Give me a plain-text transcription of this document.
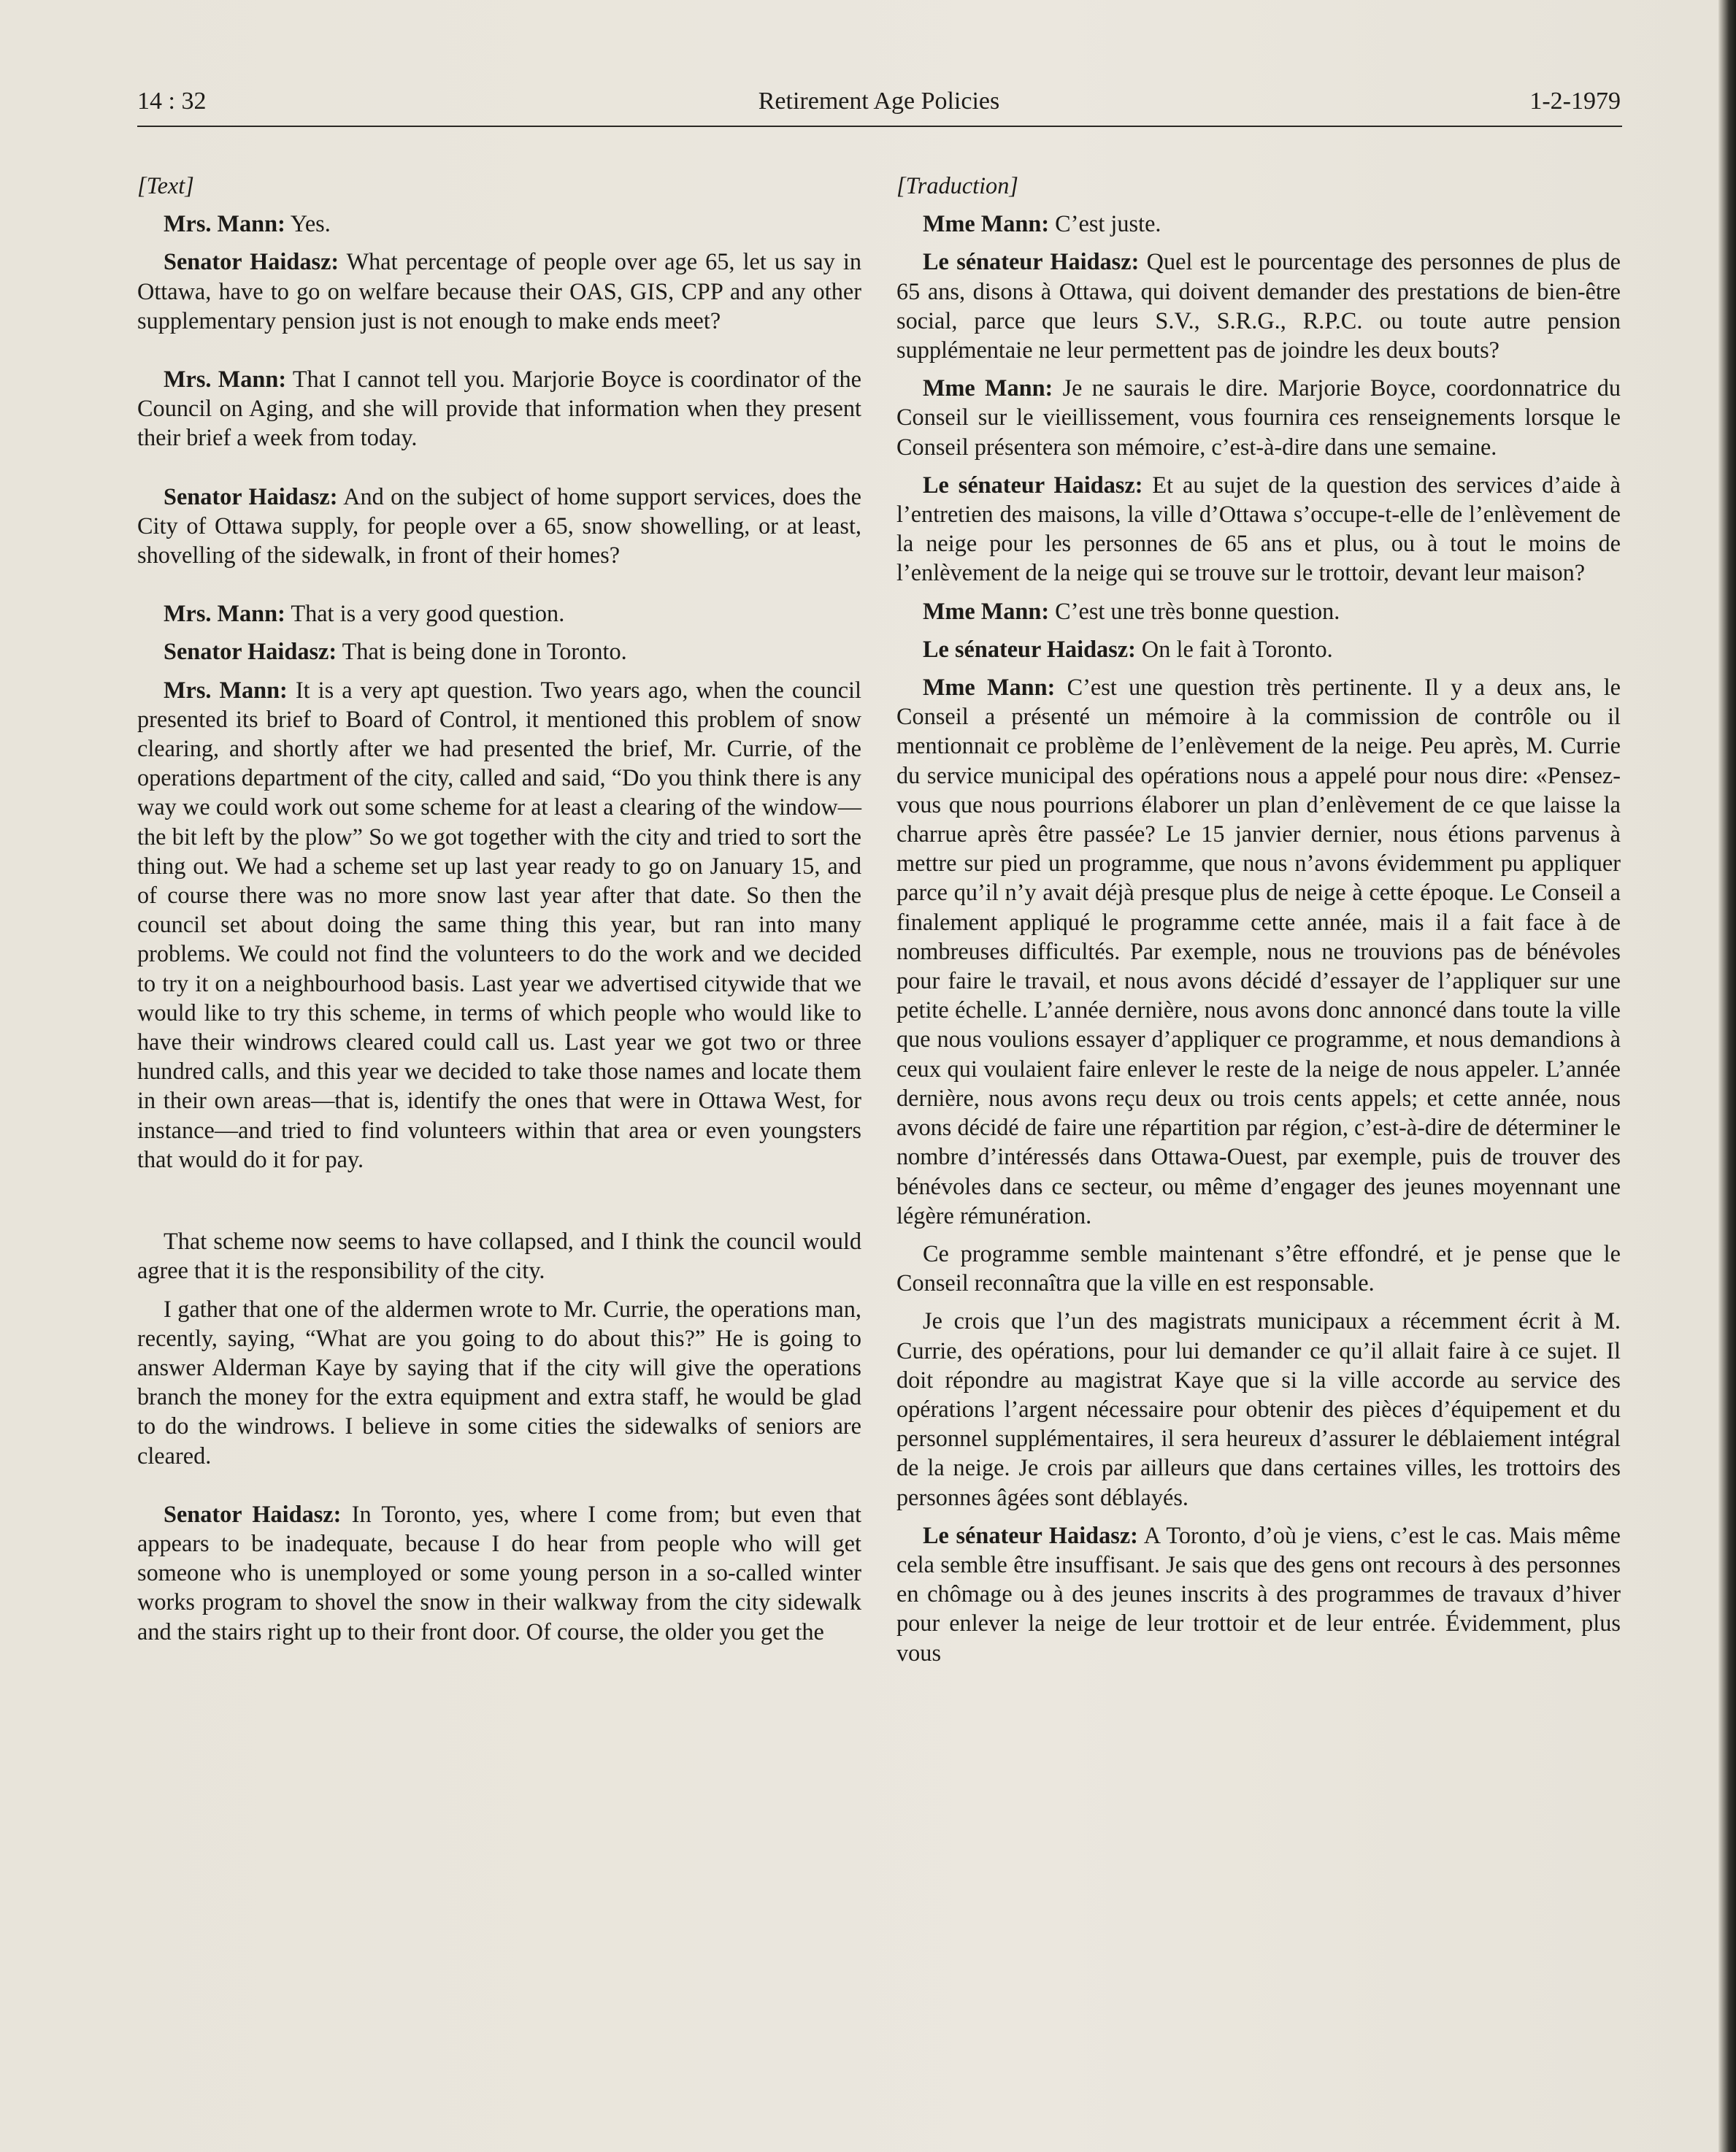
14 : 32	Retirement Age Policies	1-2-1979

[Text]

Mrs. Mann: Yes.

Senator Haidasz: What percentage of people over age 65, let us say in Ottawa, have to go on welfare because their OAS, GIS, CPP and any other supplementary pension just is not enough to make ends meet?

Mrs. Mann: That I cannot tell you. Marjorie Boyce is coordinator of the Council on Aging, and she will provide that information when they present their brief a week from today.

Senator Haidasz: And on the subject of home support services, does the City of Ottawa supply, for people over a 65, snow showelling, or at least, shovelling of the sidewalk, in front of their homes?

Mrs. Mann: That is a very good question.

Senator Haidasz: That is being done in Toronto.

Mrs. Mann: It is a very apt question. Two years ago, when the council presented its brief to Board of Control, it mentioned this problem of snow clearing, and shortly after we had presented the brief, Mr. Currie, of the operations department of the city, called and said, “Do you think there is any way we could work out some scheme for at least a clearing of the window—the bit left by the plow” So we got together with the city and tried to sort the thing out. We had a scheme set up last year ready to go on January 15, and of course there was no more snow last year after that date. So then the council set about doing the same thing this year, but ran into many problems. We could not find the volunteers to do the work and we decided to try it on a neighbourhood basis. Last year we advertised citywide that we would like to try this scheme, in terms of which people who would like to have their windrows cleared could call us. Last year we got two or three hundred calls, and this year we decided to take those names and locate them in their own areas—that is, identify the ones that were in Ottawa West, for instance—and tried to find volunteers within that area or even youngsters that would do it for pay.

That scheme now seems to have collapsed, and I think the council would agree that it is the responsibility of the city.

I gather that one of the aldermen wrote to Mr. Currie, the operations man, recently, saying, “What are you going to do about this?” He is going to answer Alderman Kaye by saying that if the city will give the operations branch the money for the extra equipment and extra staff, he would be glad to do the windrows. I believe in some cities the sidewalks of seniors are cleared.

Senator Haidasz: In Toronto, yes, where I come from; but even that appears to be inadequate, because I do hear from people who will get someone who is unemployed or some young person in a so-called winter works program to shovel the snow in their walkway from the city sidewalk and the stairs right up to their front door. Of course, the older you get the

[Traduction]

Mme Mann: C’est juste.

Le sénateur Haidasz: Quel est le pourcentage des personnes de plus de 65 ans, disons à Ottawa, qui doivent demander des prestations de bien-être social, parce que leurs S.V., S.R.G., R.P.C. ou toute autre pension supplémentaie ne leur permettent pas de joindre les deux bouts?

Mme Mann: Je ne saurais le dire. Marjorie Boyce, coordonnatrice du Conseil sur le vieillissement, vous fournira ces renseignements lorsque le Conseil présentera son mémoire, c’est-à-dire dans une semaine.

Le sénateur Haidasz: Et au sujet de la question des services d’aide à l’entretien des maisons, la ville d’Ottawa s’occupe-t-elle de l’enlèvement de la neige pour les personnes de 65 ans et plus, ou à tout le moins de l’enlèvement de la neige qui se trouve sur le trottoir, devant leur maison?

Mme Mann: C’est une très bonne question.

Le sénateur Haidasz: On le fait à Toronto.

Mme Mann: C’est une question très pertinente. Il y a deux ans, le Conseil a présenté un mémoire à la commission de contrôle ou il mentionnait ce problème de l’enlèvement de la neige. Peu après, M. Currie du service municipal des opérations nous a appelé pour nous dire: «Pensez-vous que nous pourrions élaborer un plan d’enlèvement de ce que laisse la charrue après être passée? Le 15 janvier dernier, nous étions parvenus à mettre sur pied un programme, que nous n’avons évidemment pu appliquer parce qu’il n’y avait déjà presque plus de neige à cette époque. Le Conseil a finalement appliqué le programme cette année, mais il a fait face à de nombreuses difficultés. Par exemple, nous ne trouvions pas de bénévoles pour faire le travail, et nous avons décidé d’essayer de l’appliquer sur une petite échelle. L’année dernière, nous avons donc annoncé dans toute la ville que nous voulions essayer d’appliquer ce programme, et nous demandions à ceux qui voulaient faire enlever le reste de la neige de nous appeler. L’année dernière, nous avons reçu deux ou trois cents appels; et cette année, nous avons décidé de faire une répartition par région, c’est-à-dire de déterminer le nombre d’intéressés dans Ottawa-Ouest, par exemple, puis de trouver des bénévoles dans ce secteur, ou même d’engager des jeunes moyennant une légère rémunération.

Ce programme semble maintenant s’être effondré, et je pense que le Conseil reconnaîtra que la ville en est responsable.

Je crois que l’un des magistrats municipaux a récemment écrit à M. Currie, des opérations, pour lui demander ce qu’il allait faire à ce sujet. Il doit répondre au magistrat Kaye que si la ville accorde au service des opérations l’argent nécessaire pour obtenir des pièces d’équipement et du personnel supplémentaires, il sera heureux d’assurer le déblaiement intégral de la neige. Je crois par ailleurs que dans certaines villes, les trottoirs des personnes âgées sont déblayés.

Le sénateur Haidasz: A Toronto, d’où je viens, c’est le cas. Mais même cela semble être insuffisant. Je sais que des gens ont recours à des personnes en chômage ou à des jeunes inscrits à des programmes de travaux d’hiver pour enlever la neige de leur trottoir et de leur entrée. Évidemment, plus vous
